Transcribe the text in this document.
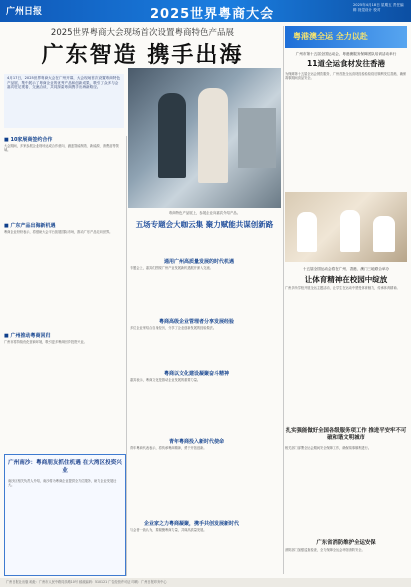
广州日报	2025世界粤商大会
2025年4月18日 星期五 责任编辑 视觉设计 校对
2025世界粤商大会现场首次设置粤商特色产品展
广东智造 携手出海

4月17日，2025世界粤商大会在广州开幕，大会现场首次设置粤商特色产品展，集中展示了粤商企业的优秀产品和创新成果，吸引了众多与会嘉宾驻足观看、交流洽谈，共同探索粤商携手出海新路径。

粤商特色产品展上，参展企业向嘉宾介绍产品。
五场专题会大咖云集 聚力赋能共谋创新路
■ 10家展商签约合作

大会期间，多家参展企业现场达成合作意向，涵盖智能制造、新能源、消费品等领域。

■ 广东产品出海新机遇

粤商企业纷纷表示，将借助大会平台拓展国际市场，推动广东产品走向世界。

■ 广州推动粤商回归

广州市将持续优化营商环境，吸引更多粤商回乡投资兴业。

广州南沙：粤商朋友抓住机遇 在大湾区投资兴业

南沙区相关负责人介绍，南沙将为粤商企业提供全方位服务，助力企业发展壮大。

通用广州高质量发展的时代机遇

专题会上，嘉宾们围绕广州产业发展新机遇展开深入交流。

粤商高级企业管理者分享发展经验

多位企业家结合自身经历，分享了企业创新发展的经验做法。

粤商以文化建设凝聚奋斗精神

嘉宾表示，粤商文化是推动企业发展的重要力量。

青年粤商投入新时代使命

青年粤商代表表示，将传承粤商精神，勇于开拓创新。

企业家之力粤商凝聚，携手共创发展新时代

与会者一致认为，要凝聚粤商力量，共谋高质量发展。

粤港澳全运 全力以赴
广州市第十五届全国运动会，粤港澳服务保障团队培训活动举行
11道全运食材发往香港

为保障第十五届全运会餐饮服务，广州首批全运食材经检验检疫后顺利发往香港，确保赛事期间食品安全。

十五届全国运动会将在广州、香港、澳门三地联合举办
让体育精神在校园中绽放

广州多所学校开展全运主题活动，让学生在运动中感受体育魅力，传承体育精神。

扎实强能做好全国各级服务项工作 推进平安牢不可破和谐文明城市

相关部门部署全运会期间安全保障工作，确保赛事顺利进行。

广东省消防维护全运安保

消防部门加强巡查检查，全力保障全运会场馆消防安全。

广州日报社出版 地址：广州市人民中路同乐路10号 邮政编码：510121 广告经营许可证 印刷：广州日报印务中心
